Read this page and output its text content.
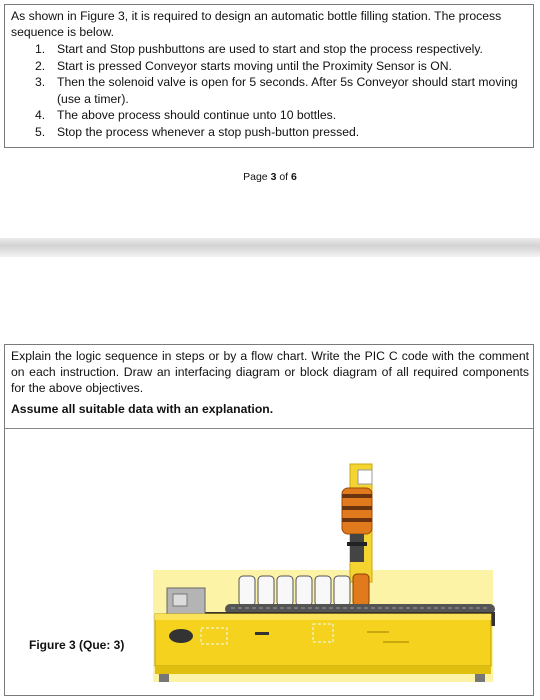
As shown in Figure 3, it is required to design an automatic bottle filling station. The process sequence is below.

1. Start and Stop pushbuttons are used to start and stop the process respectively.
2. Start is pressed Conveyor starts moving until the Proximity Sensor is ON.
3. Then the solenoid valve is open for 5 seconds. After 5s Conveyor should start moving (use a timer).
4. The above process should continue unto 10 bottles.
5. Stop the process whenever a stop push-button pressed.
Page 3 of 6

Explain the logic sequence in steps or by a flow chart. Write the PIC C code with the comment on each instruction. Draw an interfacing diagram or block diagram of all required components for the above objectives.

Assume all suitable data with an explanation.

Figure 3 (Que: 3)
